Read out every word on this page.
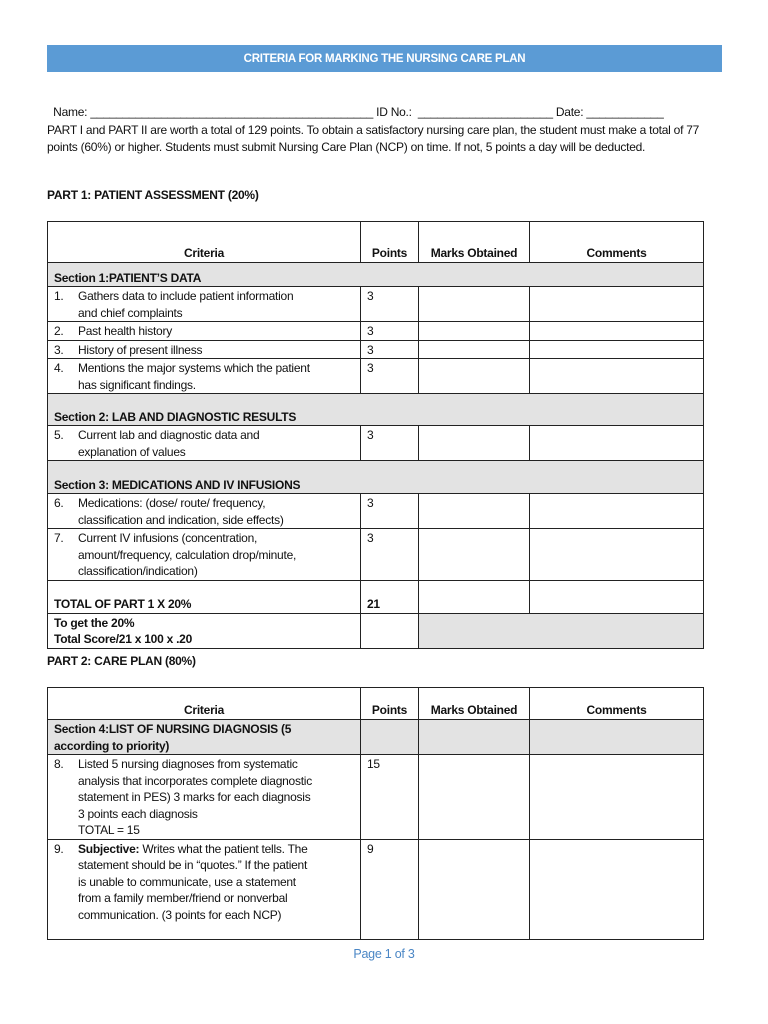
CRITERIA FOR MARKING THE NURSING CARE PLAN

Name: ____________________________________________ ID No.: _____________________ Date: ____________

PART I and PART II are worth a total of 129 points. To obtain a satisfactory nursing care plan, the student must make a total of 77 points (60%) or higher. Students must submit Nursing Care Plan (NCP) on time. If not, 5 points a day will be deducted.
PART 1: PATIENT ASSESSMENT (20%)
Criteria	Points	Marks Obtained	Comments
Section 1:PATIENT’S DATA			
1. Gathers data to include patient information
and chief complaints	3		
2. Past health history	3		
3. History of present illness	3		
4. Mentions the major systems which the patient
has significant findings.	3		
Section 2: LAB AND DIAGNOSTIC RESULTS			
5. Current lab and diagnostic data and
explanation of values	3		
Section 3: MEDICATIONS AND IV INFUSIONS			
6. Medications: (dose/ route/ frequency,
classification and indication, side effects)	3		
7. Current IV infusions (concentration,
amount/frequency, calculation drop/minute,
classification/indication)	3		
TOTAL OF PART 1 X 20%	21		
To get the 20%
Total Score/21 x 100 x .20			
PART 2: CARE PLAN (80%)
Criteria	Points	Marks Obtained	Comments
Section 4:LIST OF NURSING DIAGNOSIS (5
according to priority)			
8. Listed 5 nursing diagnoses from systematic
analysis that incorporates complete diagnostic
statement in PES) 3 marks for each diagnosis
3 points each diagnosis
TOTAL = 15	15		
9. Subjective: Writes what the patient tells. The
statement should be in “quotes.” If the patient
is unable to communicate, use a statement
from a family member/friend or nonverbal
communication. (3 points for each NCP)	9		
Page 1 of 3
